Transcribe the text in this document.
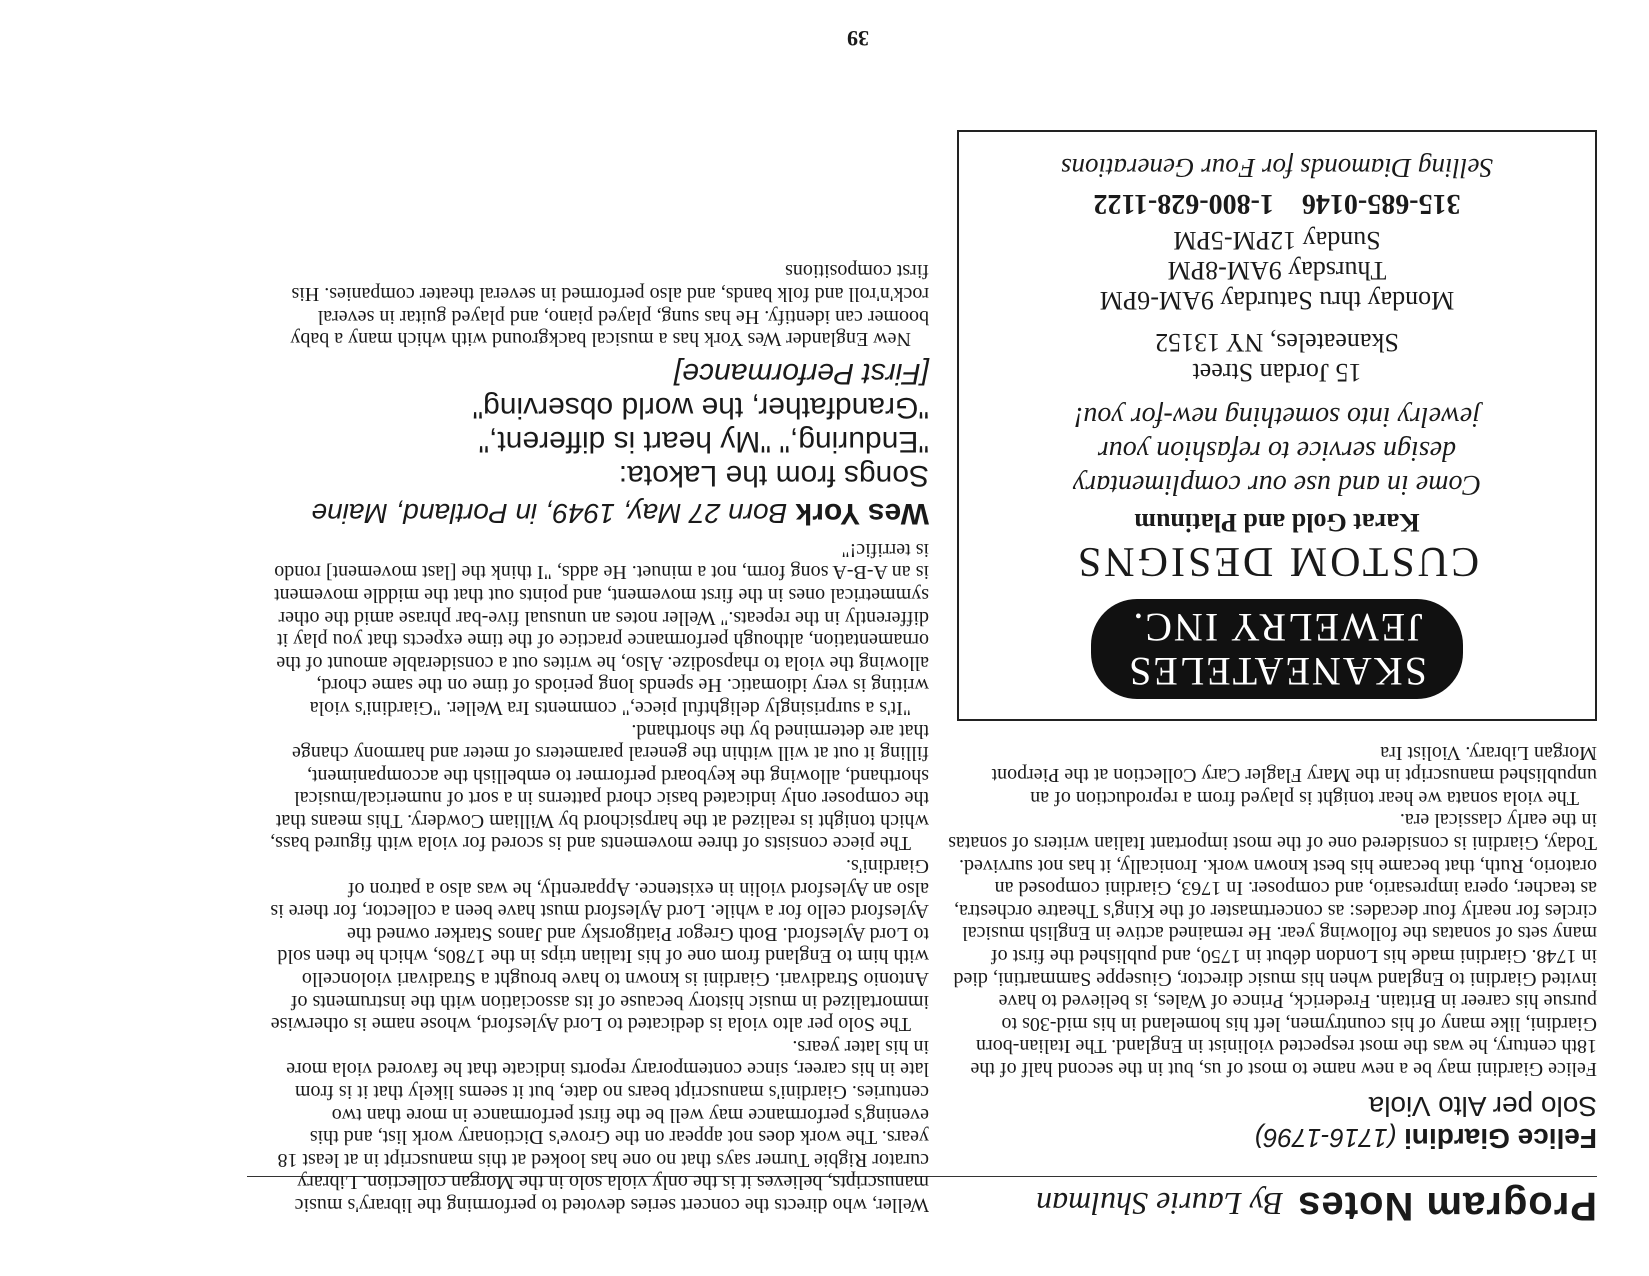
Program Notes
By Laurie Shulman
Felice Giardini (1716-1796)
Solo per Alto Viola

Felice Giardini may be a new name to most of us, but in the second half of the 18th century, he was the most respected violinist in England. The Italian-born Giardini, like many of his countrymen, left his homeland in his mid-30s to pursue his career in Britain. Frederick, Prince of Wales, is believed to have invited Giardini to England when his music director, Giuseppe Sammartini, died in 1748. Giardini made his London début in 1750, and published the first of many sets of sonatas the following year. He remained active in English musical circles for nearly four decades: as concertmaster of the King's Theatre orchestra, as teacher, opera impresario, and composer. In 1763, Giardini composed an oratorio, Ruth, that became his best known work. Ironically, it has not survived. Today, Giardini is considered one of the most important Italian writers of sonatas in the early classical era.

The viola sonata we hear tonight is played from a reproduction of an unpublished manuscript in the Mary Flagler Cary Collection at the Pierpont Morgan Library. Violist Ira

SKANEATELES
JEWELRY INC.
CUSTOM DESIGNS
Karat Gold and Platinum
Come in and use our complimentary
design service to refashion your
jewelry into something new-for you!
15 Jordan Street
Skaneateles, NY 13152
Monday thru Saturday 9AM-6PM
Thursday 9AM-8PM
Sunday 12PM-5PM
315-685-0146    1-800-628-1122
Selling Diamonds for Four Generations

Weller, who directs the concert series devoted to performing the library's music manuscripts, believes it is the only viola solo in the Morgan collection. Library curator Rigbie Turner says that no one has looked at this manuscript in at least 18 years. The work does not appear on the Grove's Dictionary work list, and this evening's performance may well be the first performance in more than two centuries. Giardini's manuscript bears no date, but it seems likely that it is from late in his career, since contemporary reports indicate that he favored viola more in his later years.

The Solo per alto viola is dedicated to Lord Aylesford, whose name is otherwise immortalized in music history because of its association with the instruments of Antonio Stradivari. Giardini is known to have brought a Stradivari violoncello with him to England from one of his Italian trips in the 1780s, which he then sold to Lord Aylesford. Both Gregor Piatigorsky and Janos Starker owned the Aylesford cello for a while. Lord Aylesford must have been a collector, for there is also an Aylesford violin in existence. Apparently, he was also a patron of Giardini's.

The piece consists of three movements and is scored for viola with figured bass, which tonight is realized at the harpsichord by William Cowdery. This means that the composer only indicated basic chord patterns in a sort of numerical/musical shorthand, allowing the keyboard performer to embellish the accompaniment, filling it out at will within the general parameters of meter and harmony change that are determined by the shorthand.

"It's a surprisingly delightful piece," comments Ira Weller. "Giardini's viola writing is very idiomatic. He spends long periods of time on the same chord, allowing the viola to rhapsodize. Also, he writes out a considerable amount of the ornamentation, although performance practice of the time expects that you play it differently in the repeats." Weller notes an unusual five-bar phrase amid the other symmetrical ones in the first movement, and points out that the middle movement is an A-B-A song form, not a minuet. He adds, "I think the [last movement] rondo is terrific!"

Wes York Born 27 May, 1949, in Portland, Maine
Songs from the Lakota:
"Enduring," "My heart is different,"
"Grandfather, the world observing"
[First Performance]

New Englander Wes York has a musical background with which many a baby boomer can identify. He has sung, played piano, and played guitar in several rock'n'roll and folk bands, and also performed in several theater companies. His first compositions

39
